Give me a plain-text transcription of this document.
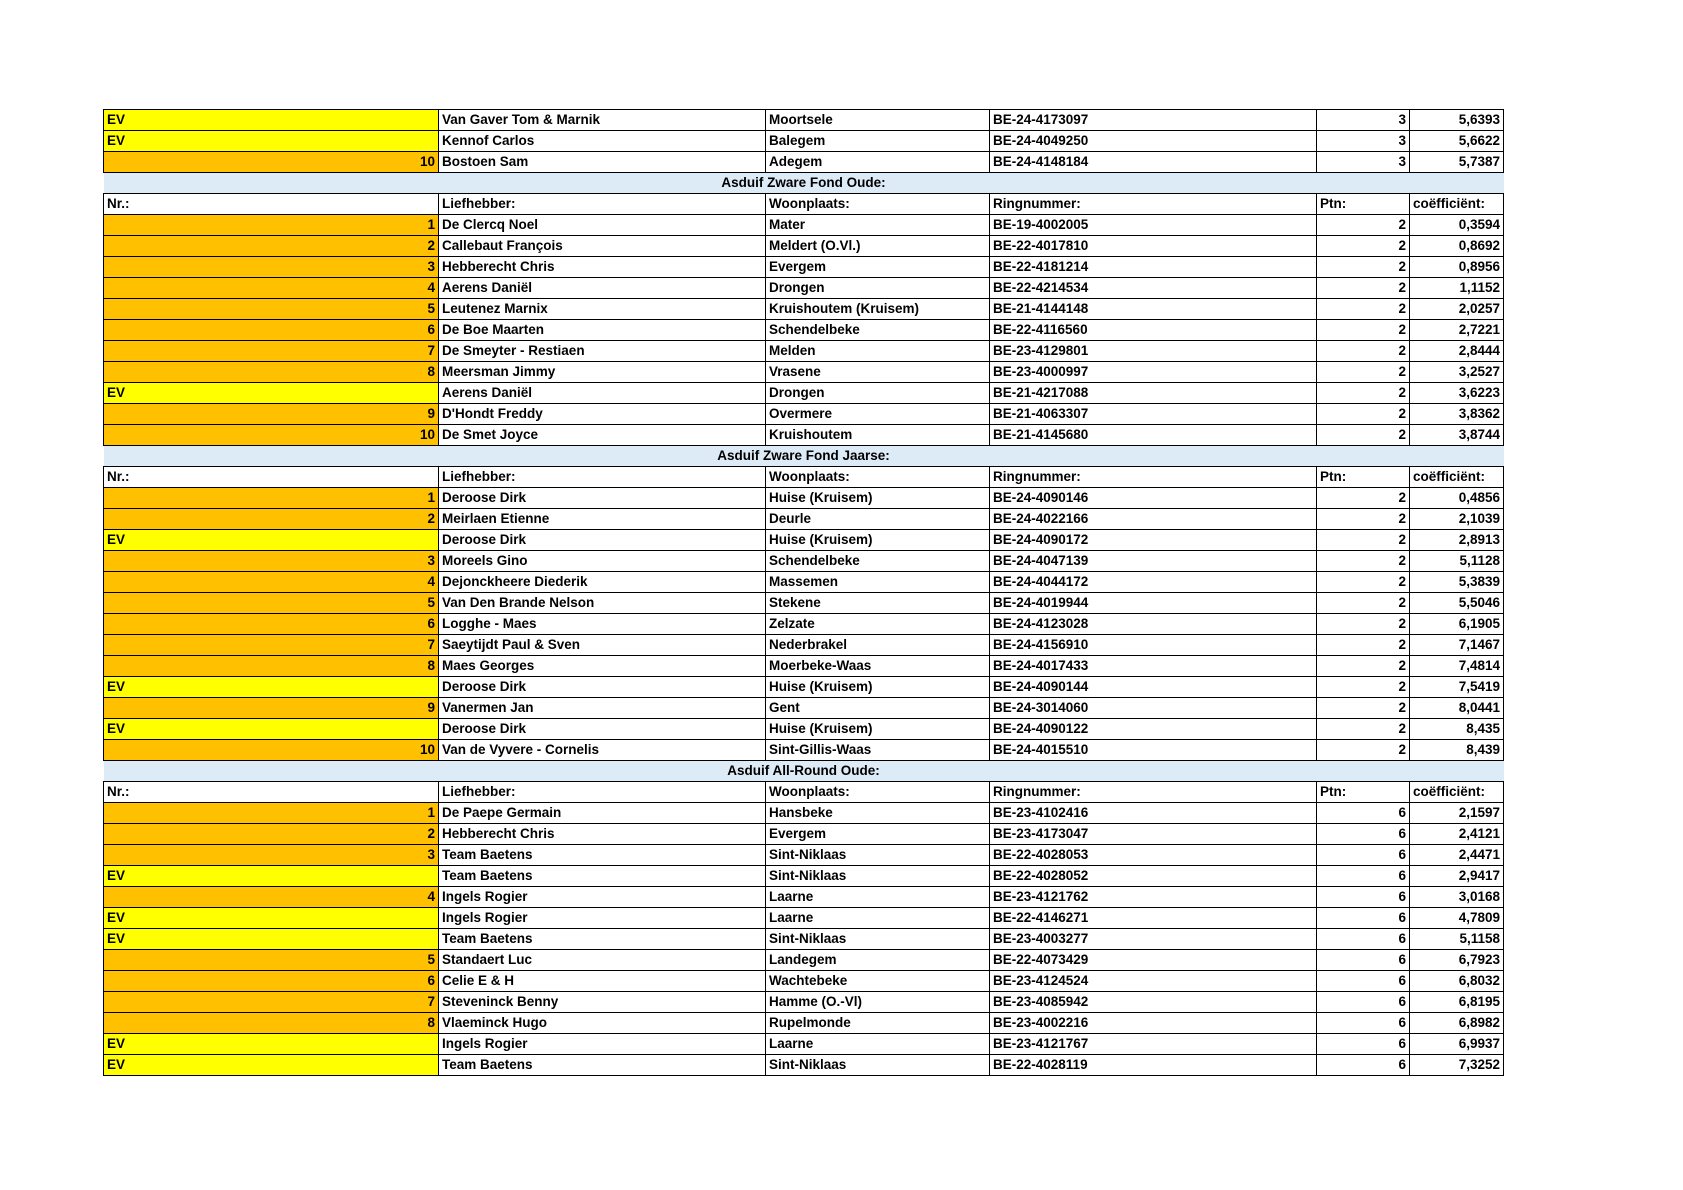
EV	Van Gaver Tom & Marnik	Moortsele	BE-24-4173097	3	5,6393
EV	Kennof Carlos	Balegem	BE-24-4049250	3	5,6622
10	Bostoen Sam	Adegem	BE-24-4148184	3	5,7387
Asduif Zware Fond Oude:					
Nr.:	Liefhebber:	Woonplaats:	Ringnummer:	Ptn:	coëfficiënt:
1	De Clercq Noel	Mater	BE-19-4002005	2	0,3594
2	Callebaut François	Meldert (O.Vl.)	BE-22-4017810	2	0,8692
3	Hebberecht Chris	Evergem	BE-22-4181214	2	0,8956
4	Aerens Daniël	Drongen	BE-22-4214534	2	1,1152
5	Leutenez Marnix	Kruishoutem (Kruisem)	BE-21-4144148	2	2,0257
6	De Boe Maarten	Schendelbeke	BE-22-4116560	2	2,7221
7	De Smeyter - Restiaen	Melden	BE-23-4129801	2	2,8444
8	Meersman Jimmy	Vrasene	BE-23-4000997	2	3,2527
EV	Aerens Daniël	Drongen	BE-21-4217088	2	3,6223
9	D'Hondt Freddy	Overmere	BE-21-4063307	2	3,8362
10	De Smet Joyce	Kruishoutem	BE-21-4145680	2	3,8744
Asduif Zware Fond Jaarse:					
Nr.:	Liefhebber:	Woonplaats:	Ringnummer:	Ptn:	coëfficiënt:
1	Deroose Dirk	Huise (Kruisem)	BE-24-4090146	2	0,4856
2	Meirlaen Etienne	Deurle	BE-24-4022166	2	2,1039
EV	Deroose Dirk	Huise (Kruisem)	BE-24-4090172	2	2,8913
3	Moreels Gino	Schendelbeke	BE-24-4047139	2	5,1128
4	Dejonckheere Diederik	Massemen	BE-24-4044172	2	5,3839
5	Van Den Brande Nelson	Stekene	BE-24-4019944	2	5,5046
6	Logghe - Maes	Zelzate	BE-24-4123028	2	6,1905
7	Saeytijdt Paul & Sven	Nederbrakel	BE-24-4156910	2	7,1467
8	Maes Georges	Moerbeke-Waas	BE-24-4017433	2	7,4814
EV	Deroose Dirk	Huise (Kruisem)	BE-24-4090144	2	7,5419
9	Vanermen Jan	Gent	BE-24-3014060	2	8,0441
EV	Deroose Dirk	Huise (Kruisem)	BE-24-4090122	2	8,435
10	Van de Vyvere - Cornelis	Sint-Gillis-Waas	BE-24-4015510	2	8,439
Asduif All-Round Oude:					
Nr.:	Liefhebber:	Woonplaats:	Ringnummer:	Ptn:	coëfficiënt:
1	De Paepe Germain	Hansbeke	BE-23-4102416	6	2,1597
2	Hebberecht Chris	Evergem	BE-23-4173047	6	2,4121
3	Team Baetens	Sint-Niklaas	BE-22-4028053	6	2,4471
EV	Team Baetens	Sint-Niklaas	BE-22-4028052	6	2,9417
4	Ingels Rogier	Laarne	BE-23-4121762	6	3,0168
EV	Ingels Rogier	Laarne	BE-22-4146271	6	4,7809
EV	Team Baetens	Sint-Niklaas	BE-23-4003277	6	5,1158
5	Standaert Luc	Landegem	BE-22-4073429	6	6,7923
6	Celie E & H	Wachtebeke	BE-23-4124524	6	6,8032
7	Steveninck Benny	Hamme (O.-Vl)	BE-23-4085942	6	6,8195
8	Vlaeminck Hugo	Rupelmonde	BE-23-4002216	6	6,8982
EV	Ingels Rogier	Laarne	BE-23-4121767	6	6,9937
EV	Team Baetens	Sint-Niklaas	BE-22-4028119	6	7,3252
